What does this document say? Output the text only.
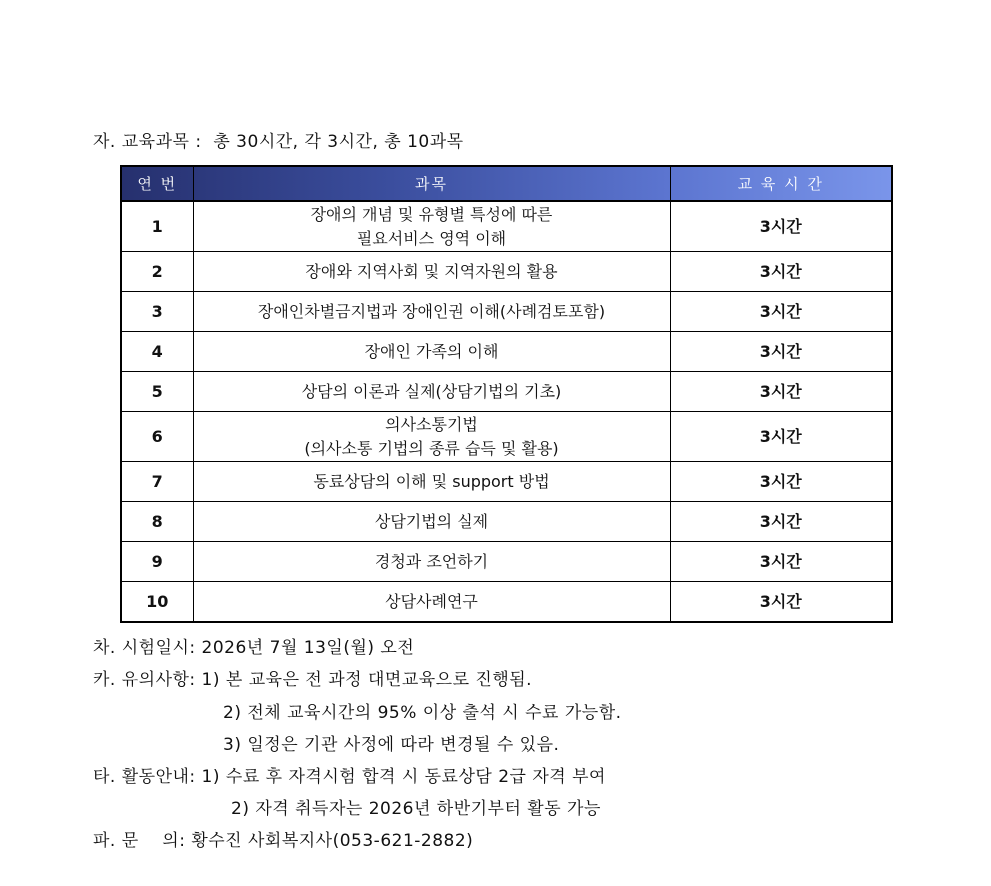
자. 교육과목 :  총 30시간, 각 3시간, 총 10과목
연 번	과목	교 육 시 간
1	장애의 개념 및 유형별 특성에 따른
필요서비스 영역 이해	3시간
2	장애와 지역사회 및 지역자원의 활용	3시간
3	장애인차별금지법과 장애인권 이해(사례검토포함)	3시간
4	장애인 가족의 이해	3시간
5	상담의 이론과 실제(상담기법의 기초)	3시간
6	의사소통기법
(의사소통 기법의 종류 습득 및 활용)	3시간
7	동료상담의 이해 및 support 방법	3시간
8	상담기법의 실제	3시간
9	경청과 조언하기	3시간
10	상담사례연구	3시간
차. 시험일시: 2026년 7월 13일(월) 오전
카. 유의사항: 1) 본 교육은 전 과정 대면교육으로 진행됨.
2) 전체 교육시간의 95% 이상 출석 시 수료 가능함.
3) 일정은 기관 사정에 따라 변경될 수 있음.
타. 활동안내: 1) 수료 후 자격시험 합격 시 동료상담 2급 자격 부여
2) 자격 취득자는 2026년 하반기부터 활동 가능
파. 문    의: 황수진 사회복지사(053-621-2882)
